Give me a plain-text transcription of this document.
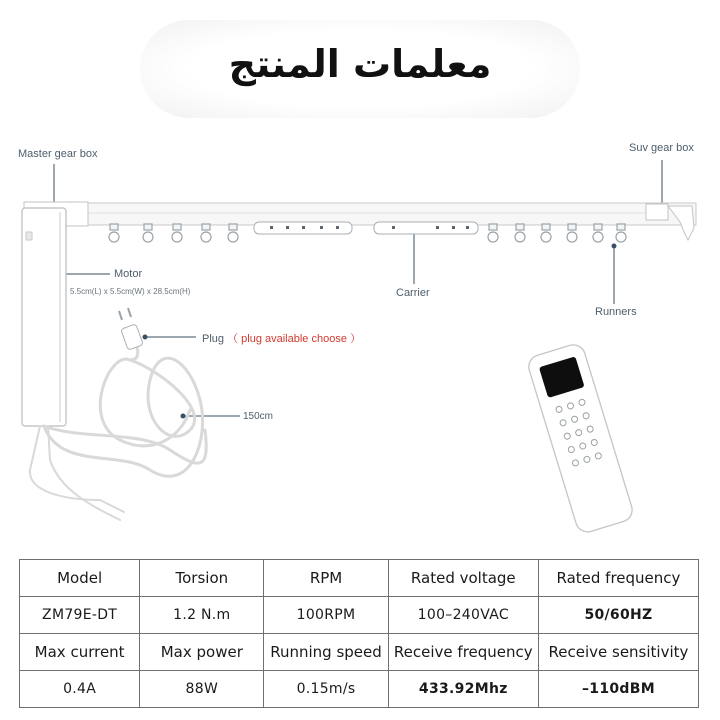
معلمات المنتج
Master gear box	Suv gear box
Motor
5.5cm(L) x 5.5cm(W) x 28.5cm(H)	Carrier
Runners
Plug （ plug available choose ）
150cm
Model	Torsion	RPM	Rated voltage	Rated frequency
ZM79E-DT	1.2 N.m	100RPM	100–240VAC	50/60HZ
Max current	Max power	Running speed	Receive frequency	Receive sensitivity
0.4A	88W	0.15m/s	433.92Mhz	–110dBM
